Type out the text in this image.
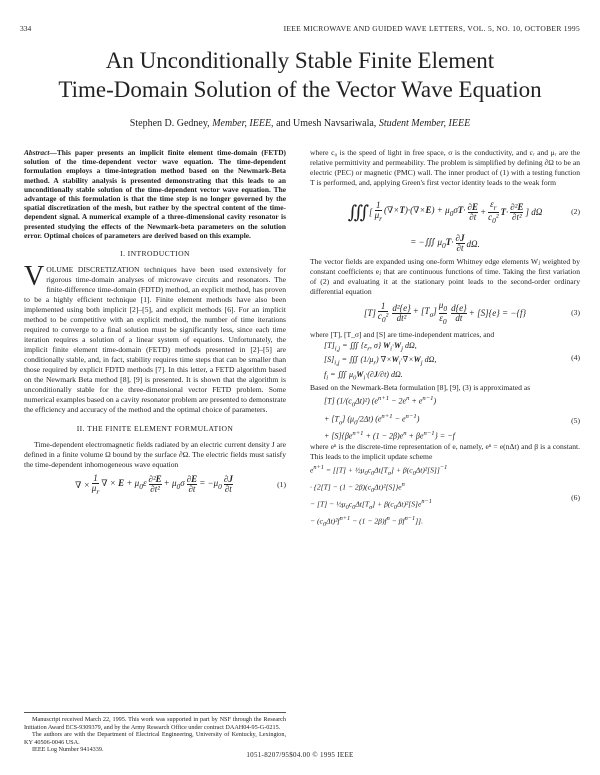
334	IEEE MICROWAVE AND GUIDED WAVE LETTERS, VOL. 5, NO. 10, OCTOBER 1995
An Unconditionally Stable Finite Element
Time-Domain Solution of the Vector Wave Equation
Stephen D. Gedney, Member, IEEE, and Umesh Navsariwala, Student Member, IEEE

Abstract—This paper presents an implicit finite element time-domain (FETD) solution of the time-dependent vector wave equation. The time-dependent formulation employs a time-integration method based on the Newmark-Beta method. A stability analysis is presented demonstrating that this leads to an unconditionally stable solution of the time-dependent vector wave equation. The advantage of this formulation is that the time step is no longer governed by the spatial discretization of the mesh, but rather by the spectral content of the time-dependent signal. A numerical example of a three-dimensional cavity resonator is presented studying the effects of the Newmark-beta parameters on the solution error. Optimal choices of parameters are derived based on this example.

I. INTRODUCTION

VOLUME DISCRETIZATION techniques have been used extensively for rigorous time-domain analyses of microwave circuits and resonators. The finite-difference time-domain (FDTD) method, an explicit method, has proven to be a highly efficient technique [1]. Finite element methods have also been implemented using both implicit [2]–[5], and explicit methods [6]. For an implicit method to be competitive with an explicit method, the number of time iterations required to converge to a final solution must be significantly less, since each time iteration requires a solution of a linear system of equations. Unfortunately, the implicit finite element time-domain (FETD) methods presented in [2]–[5] are conditionally stable, and, in fact, stability requires time steps that can be smaller than those required by explicit FDTD methods [7]. In this letter, a FETD algorithm based on the Newmark Beta method [8], [9] is presented. It is shown that the algorithm is unconditionally stable for the three-dimensional vector FETD problem. Some numerical examples based on a cavity resonator problem are presented to demonstrate the efficiency and accuracy of the method and the optimal choice of parameters.

II. THE FINITE ELEMENT FORMULATION

Time-dependent electromagnetic fields radiated by an electric current density J are defined in a finite volume Ω bound by the surface ∂Ω. The electric fields must satisfy the time-dependent inhomogeneous wave equation

∇ × $\frac{1}{\mu_r}$ ∇ × $E + \mu_0\varepsilon \frac{\text{∂²E}}{\text{∂t²}} + \mu_0\sigma \frac{\partial E}{\partial t} = -\mu_0 \frac{\partial J}{\partial t}$	(1)

Manuscript received March 22, 1995. This work was supported in part by NSF through the Research Initiation Award ECS-9309379, and by the Army Research Office under contract DAAH04-95-G-0215.

The authors are with the Department of Electrical Engineering, University of Kentucky, Lexington, KY 40506-0046 USA.

IEEE Log Number 9414339.

where c₀ is the speed of light in free space, σ is the conductivity, and εᵣ and μᵣ are the relative permittivity and permeability. The problem is simplified by defining ∂Ω to be an electric (PEC) or magnetic (PMC) wall. The inner product of (1) with a testing function T is performed, and, applying Green's first vector identity leads to the weak form

∭ [ $\frac{1}{\mu_r} (\nabla\times T)\cdot(\nabla\times E) + \mu_0\sigma T\cdot \frac{\partial E}{\partial t} + \frac{\varepsilon_r}{c_0^2} T\cdot \frac{\text{∂²E}}{\text{∂t²}}$ ] dΩ	(2)
= −∭ $\mu_0T\cdot \frac{\partial J}{\partial t} d\Omega$.

The vector fields are expanded using one-form Whitney edge elements Wⱼ weighted by constant coefficients eⱼ that are continuous functions of time. Taking the first variation of (2) and evaluating it at the stationary point leads to the second-order ordinary differential equation

$[T] \frac{1}{c_0^2} \frac{\text{d²\{e\}}}{\text{dt²}} + [T_\sigma] \frac{\mu_0}{\varepsilon_0} \frac{d\{e\}}{dt} + [S]\{e\} = -\{f\}$	(3)

where [T], [T_σ] and [S] are time-independent matrices, and

$[T]_{i,j}$ = ∭ {$\varepsilon_r$, σ} $W_i\cdot W_j$ dΩ,
$[S]_{i,j}$ = ∭ $(1/\mu_r)$ $\nabla\times W_i\cdot\nabla\times W_j$ dΩ,
$f_i$ = ∭ $\mu_0W_i\cdot(\partial J/\partial t)$ dΩ.
(4)

Based on the Newmark-Beta formulation [8], [9], (3) is approximated as

[T] $(1/(c_0\Delta t)^2) (e^{n+1} - 2e^n + e^{n-1})$
+ $[T_\sigma]$ $(\mu_0/2\Delta t) (e^{n+1} - e^{n-1})$
+ $[S]\{\beta e^{n+1} + (1 - 2\beta)e^n + \beta e^{n-1}\} = -f$
(5)

where eⁿ is the discrete-time representation of e, namely, eⁿ = e(nΔt) and β is a constant. This leads to the implicit update scheme

$e^{n+1} = [[T]$ + $\frac{1}{2}\mu_0c_0\Delta t[T_\sigma] + \beta(c_0\Delta t)^2[S]]^{-1}$
· $\{2[T] - (1 - 2\beta)(c_0\Delta t)^2[S]\}e^n$
− $[T] - \frac{1}{2}\mu_0c_0\Delta t[T_\sigma] + \beta(c_0\Delta t)^2[S]e^{n-1}$
− $(c_0\Delta t)^2f^{n+1} - (1 - 2\beta)f^n - \beta f^{n-1}$]].
(6)
1051-8207/95$04.00 © 1995 IEEE
